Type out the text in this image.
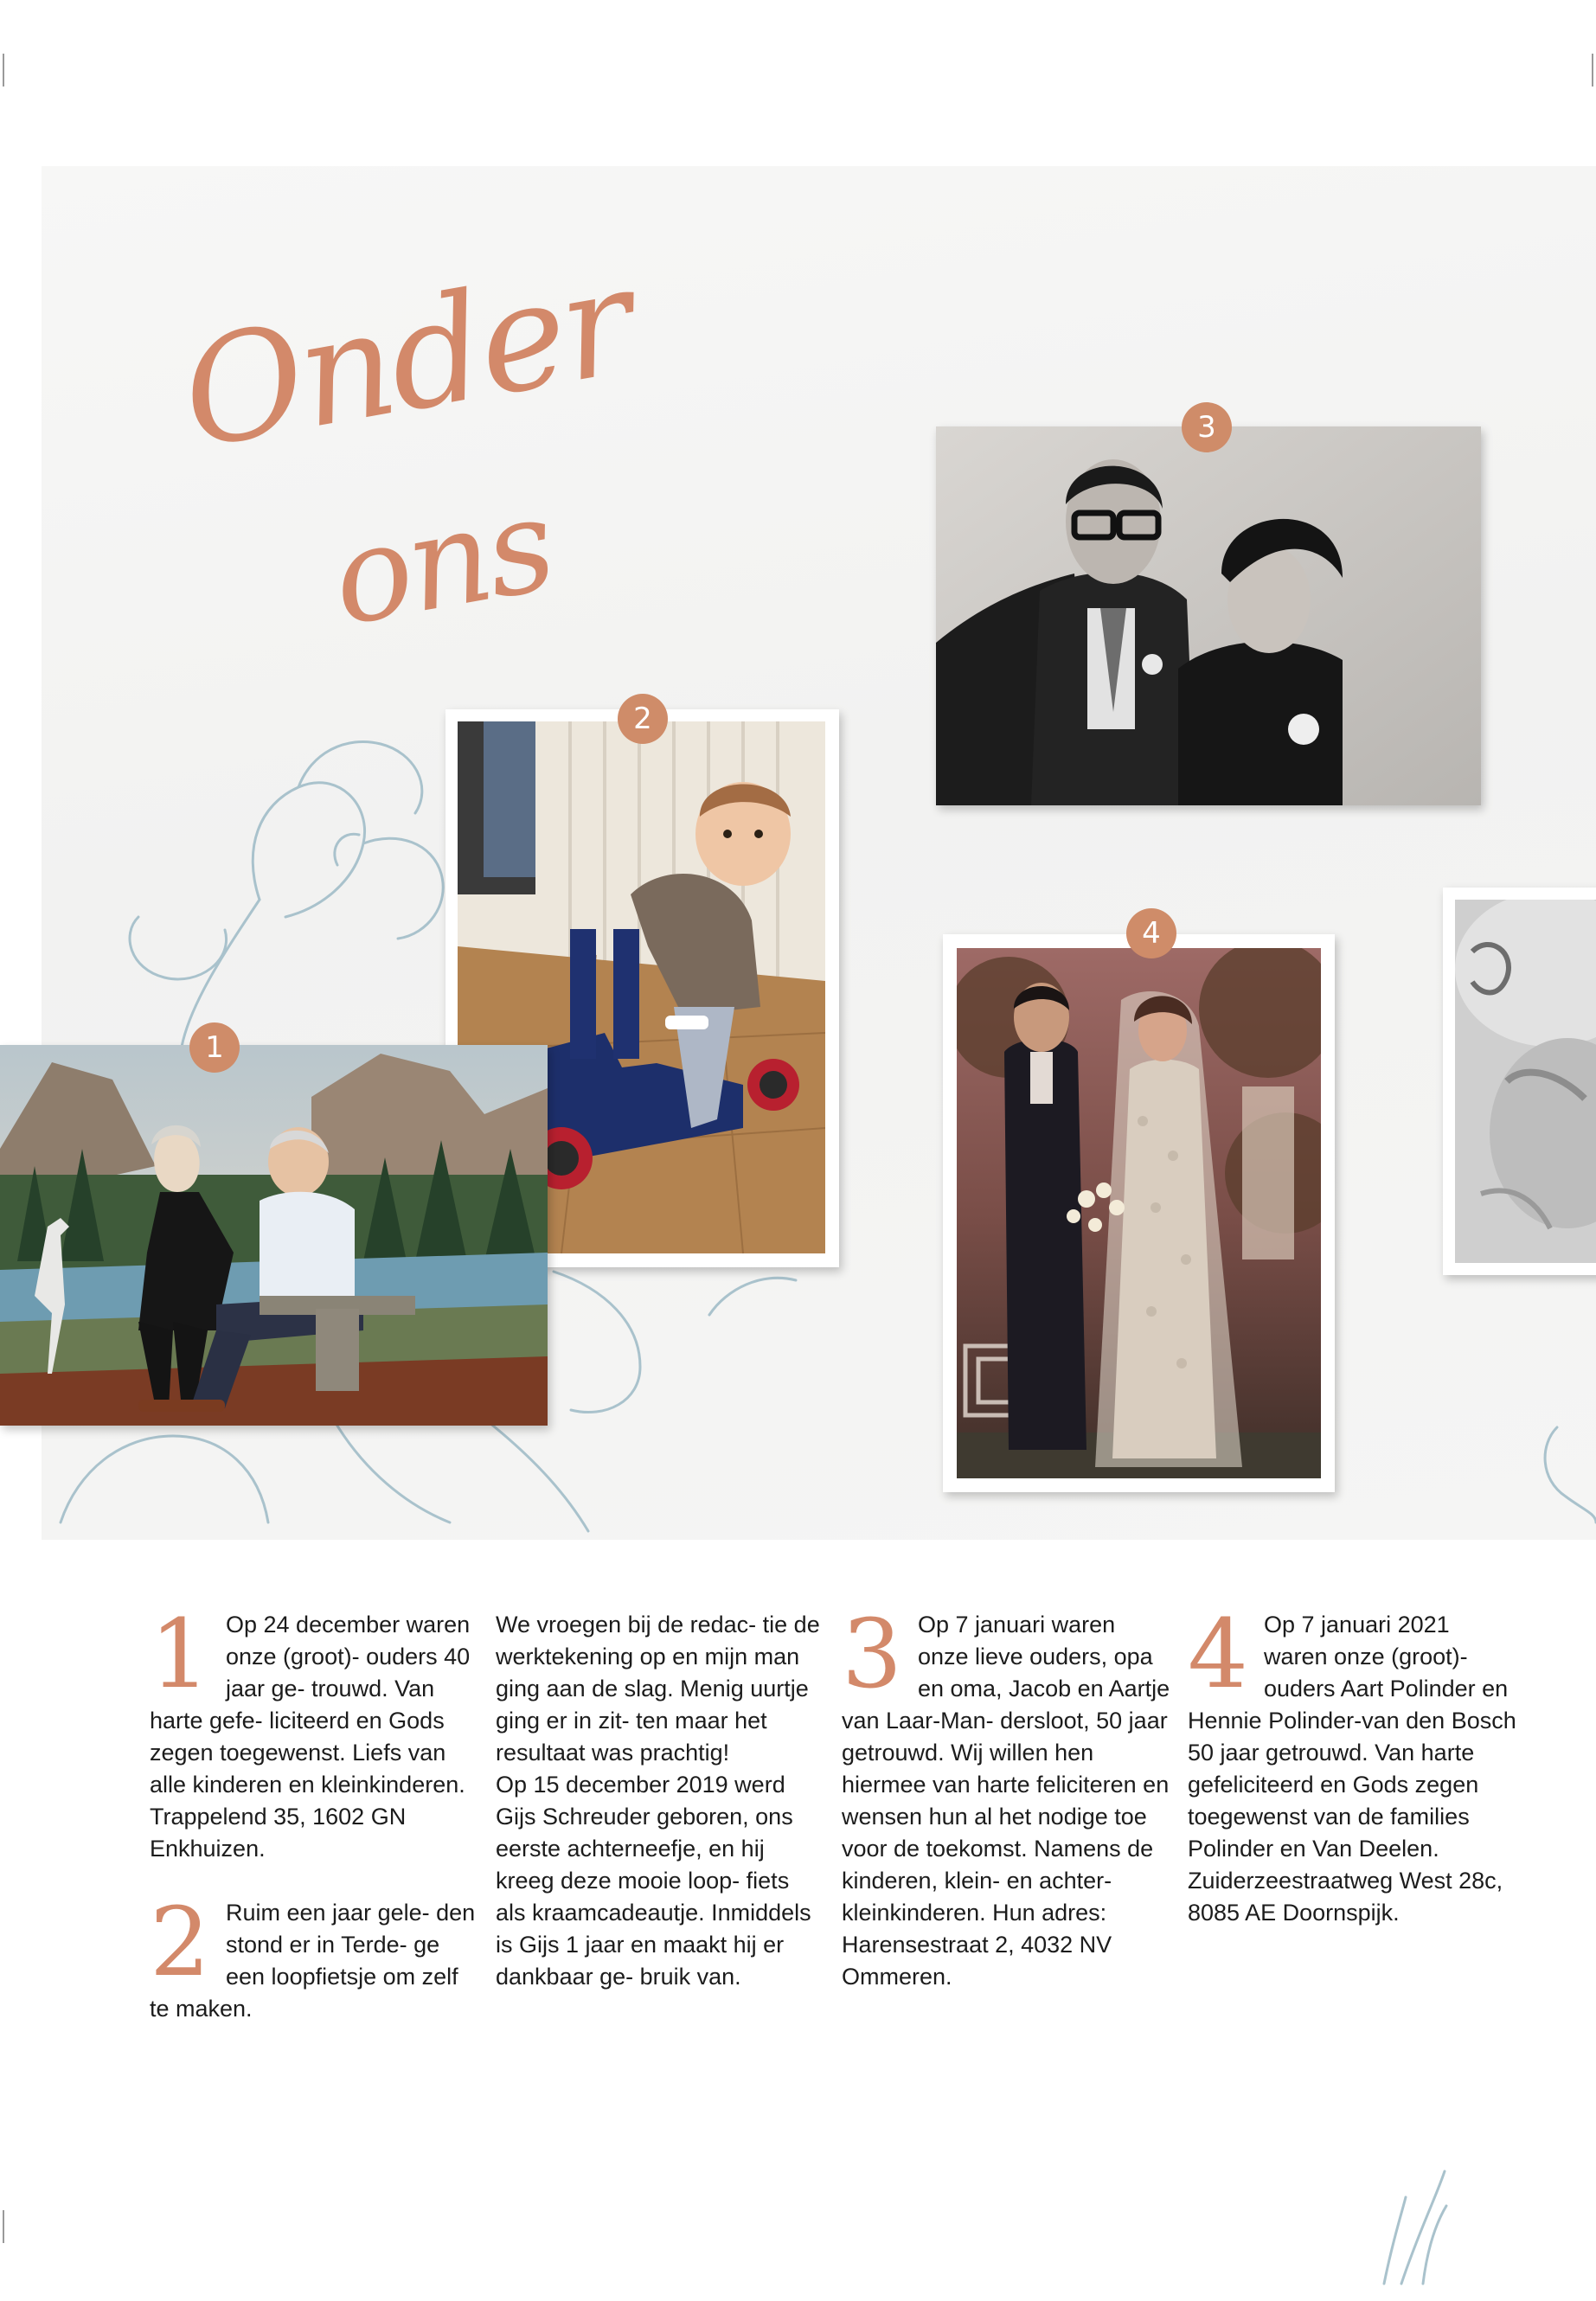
Onder
ons
3
2
1
4

1 Op 24 december waren onze (groot)- ouders 40 jaar ge- trouwd. Van harte gefe- liciteerd en Gods zegen toegewenst. Liefs van alle kinderen en kleinkinderen. Trappelend 35, 1602 GN Enkhuizen.

2 Ruim een jaar gele- den stond er in Terde- ge een loopfietsje om zelf te maken.

We vroegen bij de redac- tie de werktekening op en mijn man ging aan de slag. Menig uurtje ging er in zit- ten maar het resultaat was prachtig!

Op 15 december 2019 werd Gijs Schreuder geboren, ons eerste achterneefje, en hij kreeg deze mooie loop- fiets als kraamcadeautje. Inmiddels is Gijs 1 jaar en maakt hij er dankbaar ge- bruik van.

3 Op 7 januari waren onze lieve ouders, opa en oma, Jacob en Aartje van Laar-Man- dersloot, 50 jaar getrouwd. Wij willen hen hiermee van harte feliciteren en wensen hun al het nodige toe voor de toekomst. Namens de kinderen, klein- en achter- kleinkinderen. Hun adres: Harensestraat 2, 4032 NV Ommeren.

4 Op 7 januari 2021 waren onze (groot)- ouders Aart Polinder en Hennie Polinder-van den Bosch 50 jaar getrouwd. Van harte gefeliciteerd en Gods zegen toegewenst van de families Polinder en Van Deelen. Zuiderzeestraatweg West 28c, 8085 AE Doornspijk.
